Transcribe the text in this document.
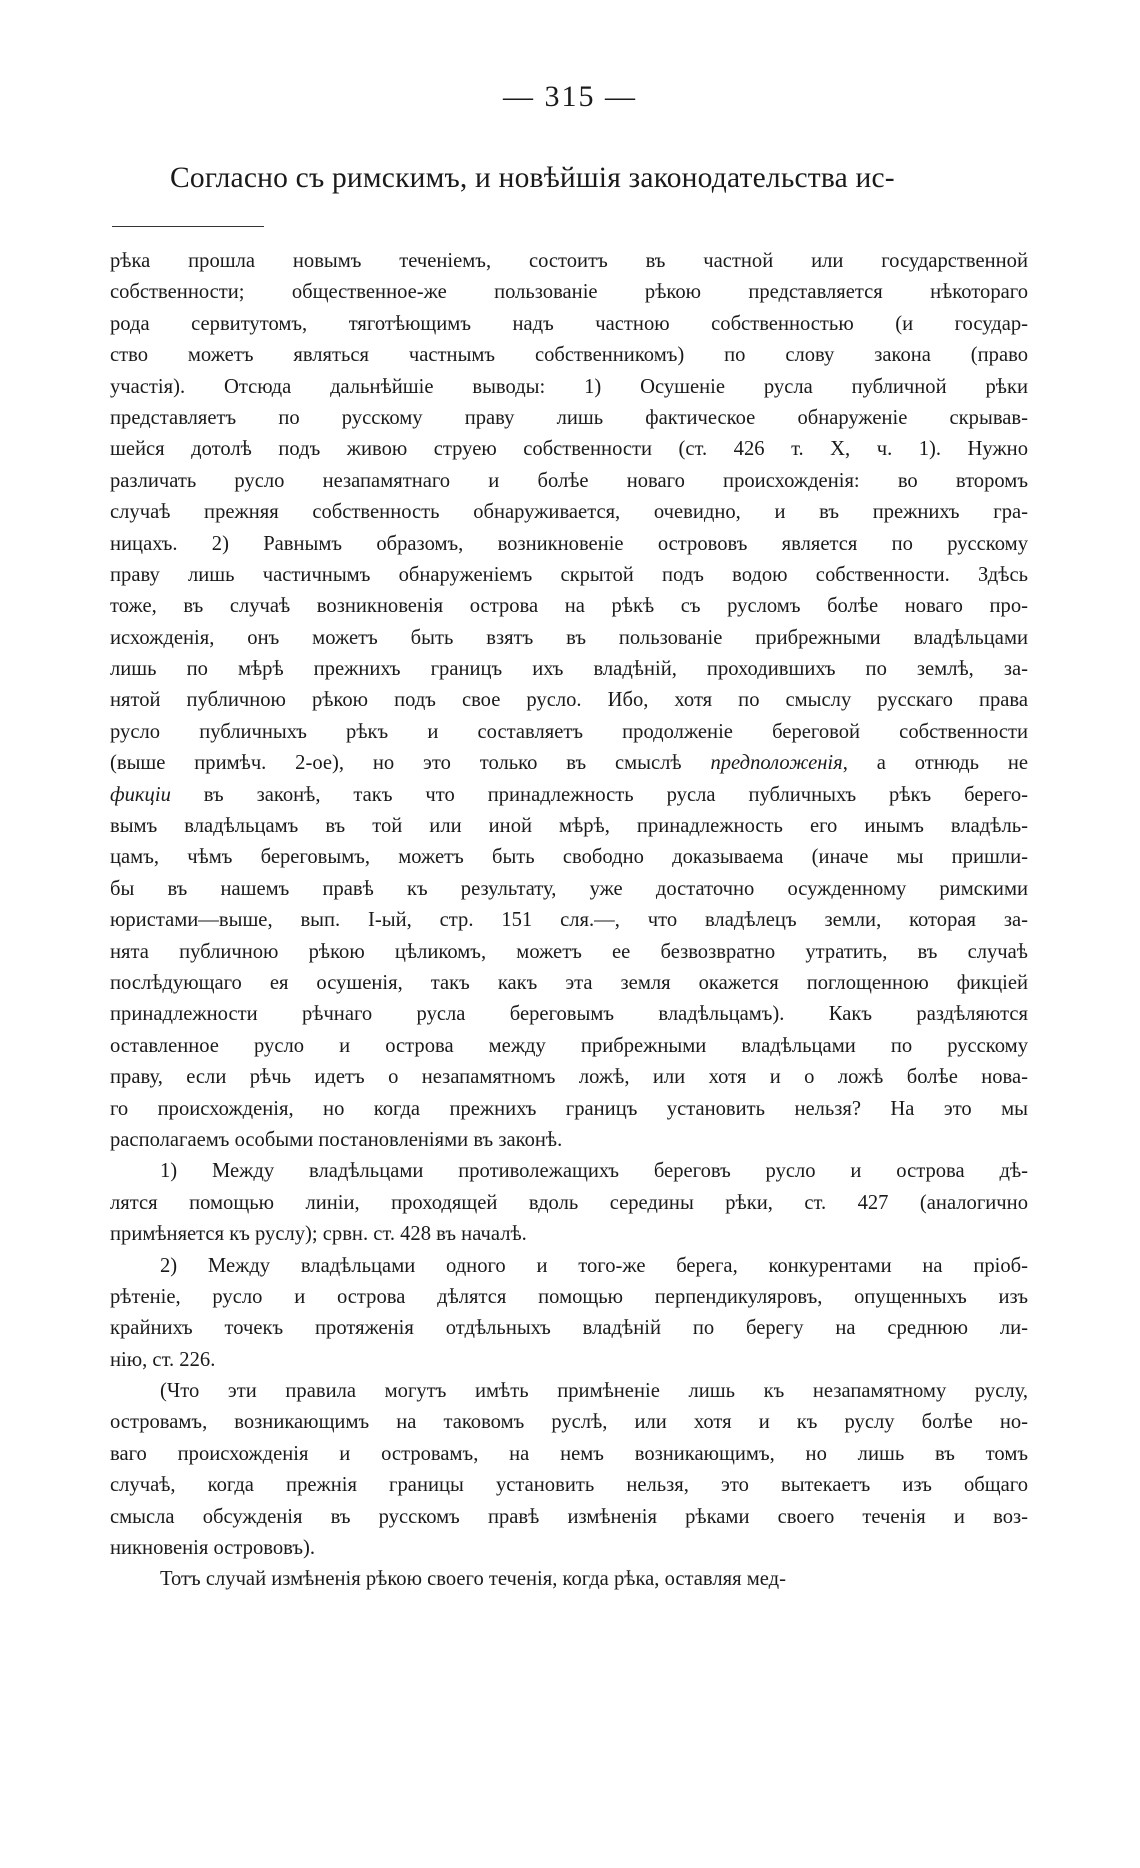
— 315 —
Согласно съ римскимъ, и новѣйшія законодательства ис-
рѣка прошла новымъ теченіемъ, состоитъ въ частной или государственной
собственности; общественное-же пользованіе рѣкою представляется нѣкотораго
рода сервитутомъ, тяготѣющимъ надъ частною собственностью (и государ-
ство можетъ являться частнымъ собственникомъ) по слову закона (право
участія). Отсюда дальнѣйшіе выводы: 1) Осушеніе русла публичной рѣки
представляетъ по русскому праву лишь фактическое обнаруженіе скрывав-
шейся дотолѣ подъ живою струею собственности (ст. 426 т. X, ч. 1). Нужно
различать русло незапамятнаго и болѣе новаго происхожденія: во второмъ
случаѣ прежняя собственность обнаруживается, очевидно, и въ прежнихъ гра-
ницахъ. 2) Равнымъ образомъ, возникновеніе острововъ является по русскому
праву лишь частичнымъ обнаруженіемъ скрытой подъ водою собственности. Здѣсь
тоже, въ случаѣ возникновенія острова на рѣкѣ съ русломъ болѣе новаго про-
исхожденія, онъ можетъ быть взятъ въ пользованіе прибрежными владѣльцами
лишь по мѣрѣ прежнихъ границъ ихъ владѣній, проходившихъ по землѣ, за-
нятой публичною рѣкою подъ свое русло. Ибо, хотя по смыслу русскаго права
русло публичныхъ рѣкъ и составляетъ продолженіе береговой собственности
(выше примѣч. 2-ое), но это только въ смыслѣ предположенія, а отнюдь не
фикціи въ законѣ, такъ что принадлежность русла публичныхъ рѣкъ берего-
вымъ владѣльцамъ въ той или иной мѣрѣ, принадлежность его инымъ владѣль-
цамъ, чѣмъ береговымъ, можетъ быть свободно доказываема (иначе мы пришли-
бы въ нашемъ правѣ къ результату, уже достаточно осужденному римскими
юристами—выше, вып. I-ый, стр. 151 сля.—, что владѣлецъ земли, которая за-
нята публичною рѣкою цѣликомъ, можетъ ее безвозвратно утратить, въ случаѣ
послѣдующаго ея осушенія, такъ какъ эта земля окажется поглощенною фикціей
принадлежности рѣчнаго русла береговымъ владѣльцамъ). Какъ раздѣляются
оставленное русло и острова между прибрежными владѣльцами по русскому
праву, если рѣчь идетъ о незапамятномъ ложѣ, или хотя и о ложѣ болѣе нова-
го происхожденія, но когда прежнихъ границъ установить нельзя? На это мы
располагаемъ особыми постановленіями въ законѣ.
1) Между владѣльцами противолежащихъ береговъ русло и острова дѣ-
лятся помощью линіи, проходящей вдоль середины рѣки, ст. 427 (аналогично
примѣняется къ руслу); срвн. ст. 428 въ началѣ.
2) Между владѣльцами одного и того-же берега, конкурентами на пріоб-
рѣтеніе, русло и острова дѣлятся помощью перпендикуляровъ, опущенныхъ изъ
крайнихъ точекъ протяженія отдѣльныхъ владѣній по берегу на среднюю ли-
нію, ст. 226.
(Что эти правила могутъ имѣть примѣненіе лишь къ незапамятному руслу,
островамъ, возникающимъ на таковомъ руслѣ, или хотя и къ руслу болѣе но-
ваго происхожденія и островамъ, на немъ возникающимъ, но лишь въ томъ
случаѣ, когда прежнія границы установить нельзя, это вытекаетъ изъ общаго
смысла обсужденія въ русскомъ правѣ измѣненія рѣками своего теченія и воз-
никновенія острововъ).
Тотъ случай измѣненія рѣкою своего теченія, когда рѣка, оставляя мед-
